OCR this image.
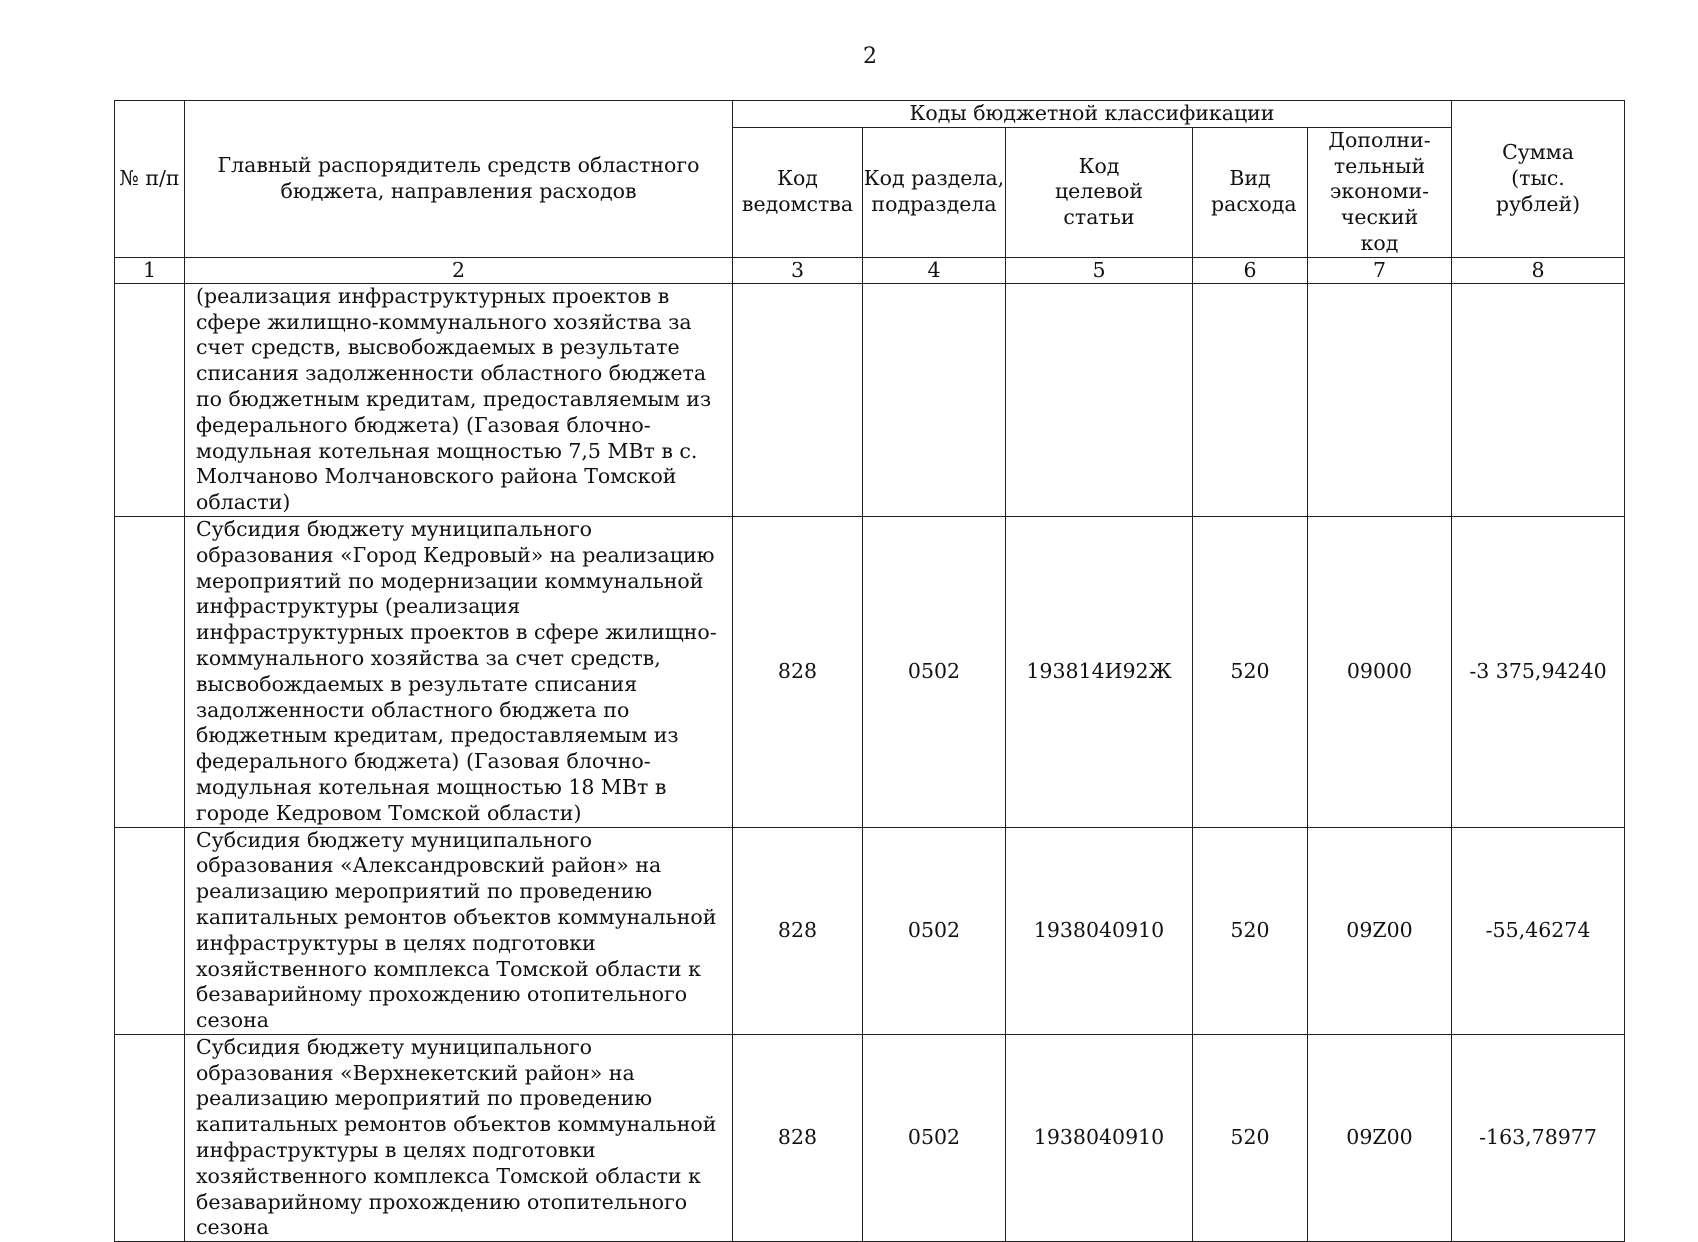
2
№ п/п	Главный распорядитель средств областного бюджета, направления расходов	Коды бюджетной классификации					Сумма (тыс. рублей)
		Код ведомства	Код раздела, подраздела	Код целевой статьи	Вид расхода	Дополни-тельный экономи-ческий код	
1	2	3	4	5	6	7	8
	(реализация инфраструктурных проектов в сфере жилищно-коммунального хозяйства за счет средств, высвобождаемых в результате списания задолженности областного бюджета по бюджетным кредитам, предоставляемым из федерального бюджета) (Газовая блочно-модульная котельная мощностью 7,5 МВт в с. Молчаново Молчановского района Томской области)						
	Субсидия бюджету муниципального образования «Город Кедровый» на реализацию мероприятий по модернизации коммунальной инфраструктуры (реализация инфраструктурных проектов в сфере жилищно-коммунального хозяйства за счет средств, высвобождаемых в результате списания задолженности областного бюджета по бюджетным кредитам, предоставляемым из федерального бюджета) (Газовая блочно-модульная котельная мощностью 18 МВт в городе Кедровом Томской области)	828	0502	193814И92Ж	520	09000	-3 375,94240
	Субсидия бюджету муниципального образования «Александровский район» на реализацию мероприятий по проведению капитальных ремонтов объектов коммунальной инфраструктуры в целях подготовки хозяйственного комплекса Томской области к безаварийному прохождению отопительного сезона	828	0502	1938040910	520	09Z00	-55,46274
	Субсидия бюджету муниципального образования «Верхнекетский район» на реализацию мероприятий по проведению капитальных ремонтов объектов коммунальной инфраструктуры в целях подготовки хозяйственного комплекса Томской области к безаварийному прохождению отопительного сезона	828	0502	1938040910	520	09Z00	-163,78977
